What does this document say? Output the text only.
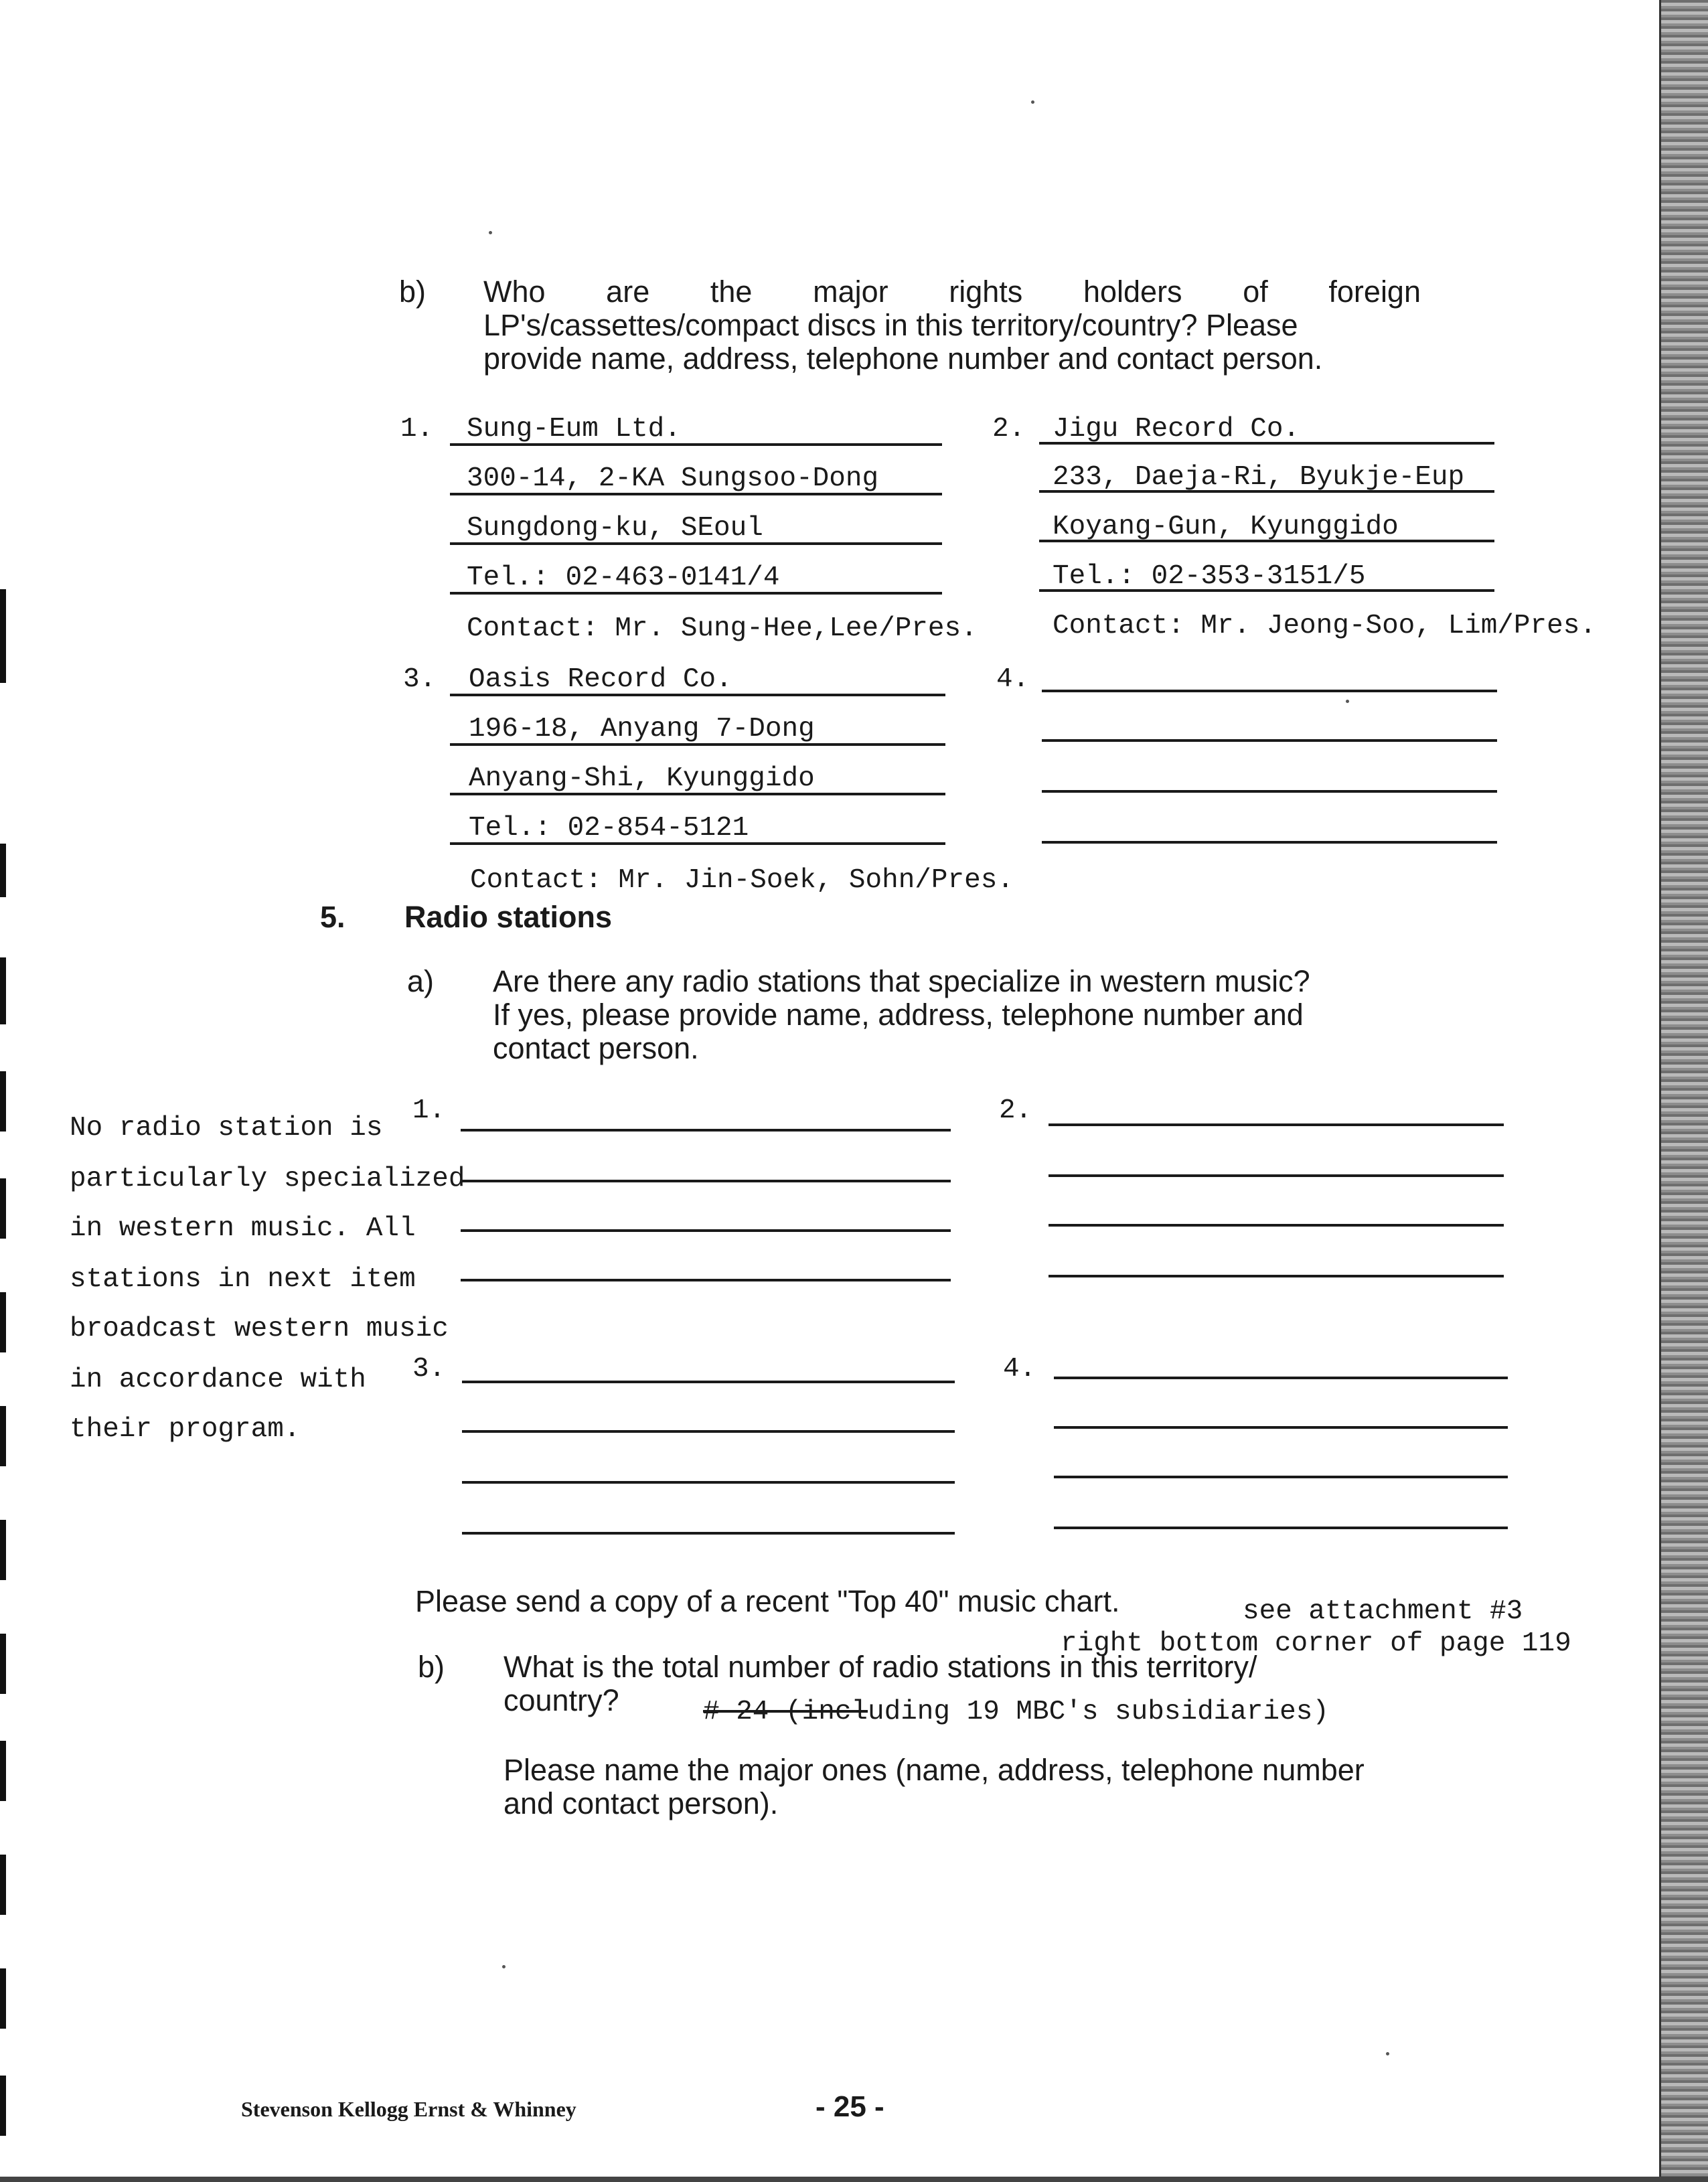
b) Who are the major rights holders of foreign
LP's/cassettes/compact discs in this territory/country? Please
provide name, address, telephone number and contact person.
1. Sung-Eum Ltd.
300-14, 2-KA Sungsoo-Dong
Sungdong-ku, SEoul
Tel.: 02-463-0141/4
Contact: Mr. Sung-Hee,Lee/Pres.
2. Jigu Record Co.
233, Daeja-Ri, Byukje-Eup
Koyang-Gun, Kyunggido
Tel.: 02-353-3151/5
Contact: Mr. Jeong-Soo, Lim/Pres.
3. Oasis Record Co.
196-18, Anyang 7-Dong
Anyang-Shi, Kyunggido
Tel.: 02-854-5121
Contact: Mr. Jin-Soek, Sohn/Pres.
4.
5. Radio stations
a) Are there any radio stations that specialize in western music?
If yes, please provide name, address, telephone number and
contact person.
No radio station is
particularly specialized
in western music. All
stations in next item
broadcast western music
in accordance with
their program.
1.	2.
3.	4.
Please send a copy of a recent "Top 40" music chart.	see attachment #3
right bottom corner of page 119
b) What is the total number of radio stations in this territory/
country?	# 24 (incl uding 19 MBC's subsidiaries)
Please name the major ones (name, address, telephone number
and contact person).
Stevenson Kellogg Ernst & Whinney	- 25 -
